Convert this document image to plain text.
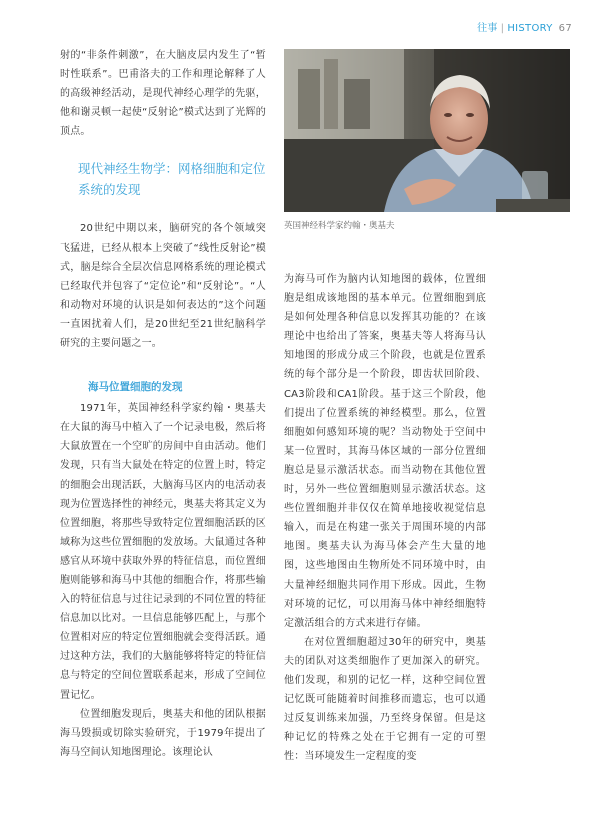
往事 | HISTORY 67

射的“非条件刺激”，在大脑皮层内发生了“暂时性联系”。巴甫洛夫的工作和理论解释了人的高级神经活动，是现代神经心理学的先驱，他和谢灵顿一起使“反射论”模式达到了光辉的顶点。

现代神经生物学：网格细胞和定位系统的发现

20世纪中期以来，脑研究的各个领域突飞猛进，已经从根本上突破了“线性反射论”模式，脑是综合全层次信息网格系统的理论模式已经取代并包容了“定位论”和“反射论”。“人和动物对环境的认识是如何表达的”这个问题一直困扰着人们，是20世纪至21世纪脑科学研究的主要问题之一。

海马位置细胞的发现

1971年，英国神经科学家约翰・奥基夫在大鼠的海马中植入了一个记录电极，然后将大鼠放置在一个空旷的房间中自由活动。他们发现，只有当大鼠处在特定的位置上时，特定的细胞会出现活跃，大脑海马区内的电活动表现为位置选择性的神经元，奥基夫将其定义为位置细胞，将那些导致特定位置细胞活跃的区域称为这些位置细胞的发放场。大鼠通过各种感官从环境中获取外界的特征信息，而位置细胞则能够和海马中其他的细胞合作，将那些输入的特征信息与过往记录到的不同位置的特征信息加以比对。一旦信息能够匹配上，与那个位置相对应的特定位置细胞就会变得活跃。通过这种方法，我们的大脑能够将特定的特征信息与特定的空间位置联系起来，形成了空间位置记忆。

位置细胞发现后，奥基夫和他的团队根据海马毁损或切除实验研究，于1979年提出了海马空间认知地图理论。该理论认

英国神经科学家约翰・奥基夫

为海马可作为脑内认知地图的载体，位置细胞是组成该地图的基本单元。位置细胞到底是如何处理各种信息以发挥其功能的？在该理论中也给出了答案，奥基夫等人将海马认知地图的形成分成三个阶段，也就是位置系统的每个部分是一个阶段，即齿状回阶段、CA3阶段和CA1阶段。基于这三个阶段，他们提出了位置系统的神经模型。那么，位置细胞如何感知环境的呢？当动物处于空间中某一位置时，其海马体区域的一部分位置细胞总是显示激活状态。而当动物在其他位置时，另外一些位置细胞则显示激活状态。这些位置细胞并非仅仅在简单地接收视觉信息输入，而是在构建一张关于周围环境的内部地图。奥基夫认为海马体会产生大量的地图，这些地图由生物所处不同环境中时，由大量神经细胞共同作用下形成。因此，生物对环境的记忆，可以用海马体中神经细胞特定激活组合的方式来进行存储。

在对位置细胞超过30年的研究中，奥基夫的团队对这类细胞作了更加深入的研究。他们发现，和别的记忆一样，这种空间位置记忆既可能随着时间推移而遗忘，也可以通过反复训练来加强，乃至终身保留。但是这种记忆的特殊之处在于它拥有一定的可塑性：当环境发生一定程度的变
